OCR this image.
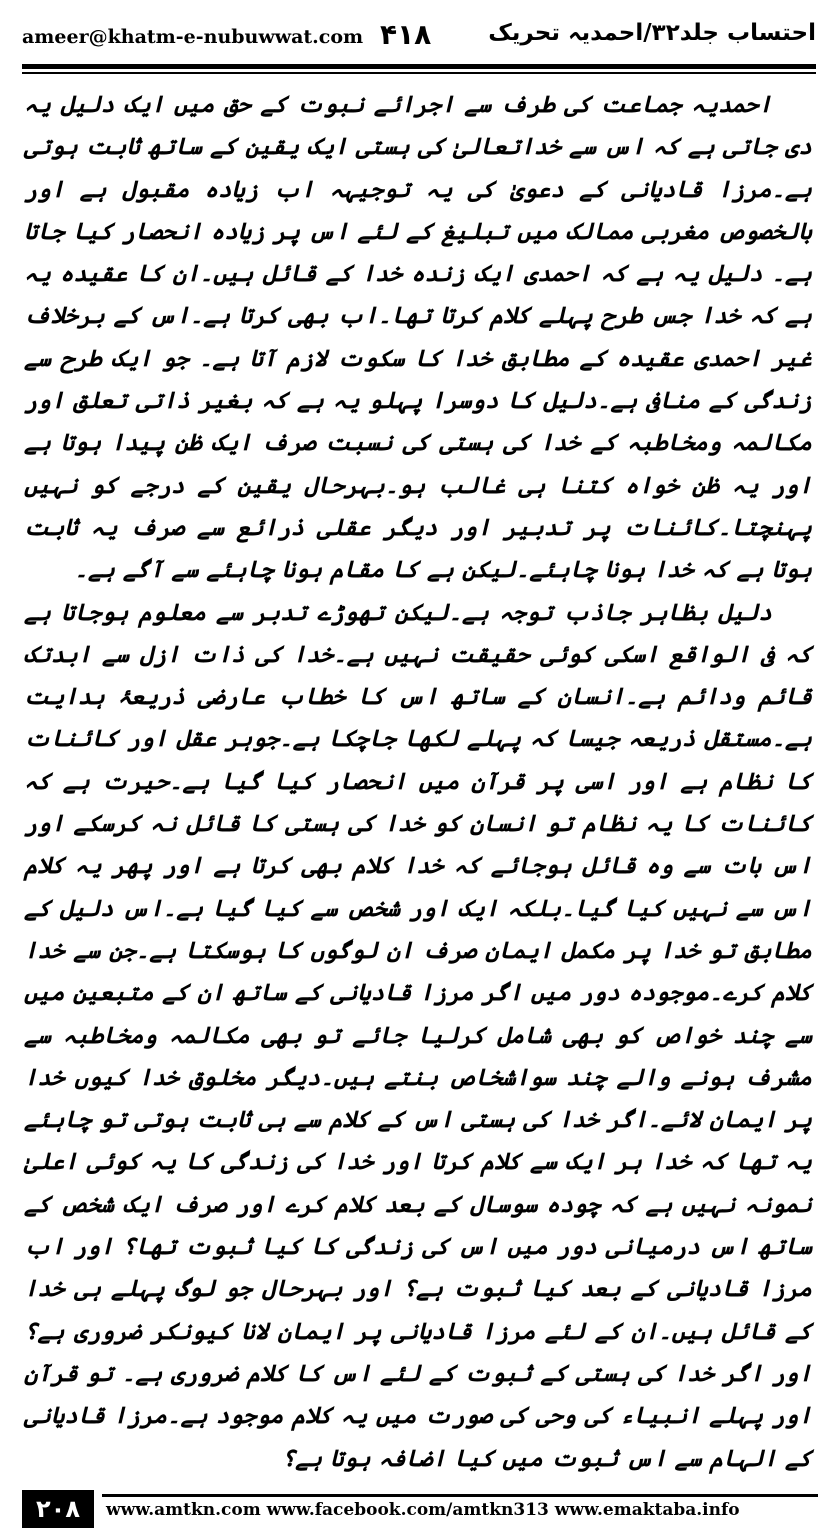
ameer@khatm-e-nubuwwat.com ۴۱۸ احتساب جلد۳۲/احمدیہ تحریک

احمدیہ جماعت کی طرف سے اجرائے نبوت کے حق میں ایک دلیل یہ دی جاتی ہے کہ اس سے خداتعالیٰ کی ہستی ایک یقین کے ساتھ ثابت ہوتی ہے۔مرزا قادیانی کے دعویٰ کی یہ توجیہہ اب زیادہ مقبول ہے اور بالخصوص مغربی ممالک میں تبلیغ کے لئے اس پر زیادہ انحصار کیا جاتا ہے۔ دلیل یہ ہے کہ احمدی ایک زندہ خدا کے قائل ہیں۔ان کا عقیدہ یہ ہے کہ خدا جس طرح پہلے کلام کرتا تھا۔اب بھی کرتا ہے۔اس کے برخلاف غیر احمدی عقیدہ کے مطابق خدا کا سکوت لازم آتا ہے۔ جو ایک طرح سے زندگی کے منافی ہے۔دلیل کا دوسرا پہلو یہ ہے کہ بغیر ذاتی تعلق اور مکالمہ ومخاطبہ کے خدا کی ہستی کی نسبت صرف ایک ظن پیدا ہوتا ہے اور یہ ظن خواہ کتنا ہی غالب ہو۔بہرحال یقین کے درجے کو نہیں پہنچتا۔کائنات پر تدبیر اور دیگر عقلی ذرائع سے صرف یہ ثابت ہوتا ہے کہ خدا ہونا چاہئے۔لیکن ہے کا مقام ہونا چاہئے سے آگے ہے۔

دلیل بظاہر جاذب توجہ ہے۔لیکن تھوڑے تدبر سے معلوم ہوجاتا ہے کہ فی الواقع اسکی کوئی حقیقت نہیں ہے۔خدا کی ذات ازل سے ابدتک قائم ودائم ہے۔انسان کے ساتھ اس کا خطاب عارضی ذریعۂ ہدایت ہے۔مستقل ذریعہ جیسا کہ پہلے لکھا جاچکا ہے۔جوہر عقل اور کائنات کا نظام ہے اور اسی پر قرآن میں انحصار کیا گیا ہے۔حیرت ہے کہ کائنات کا یہ نظام تو انسان کو خدا کی ہستی کا قائل نہ کرسکے اور اس بات سے وہ قائل ہوجائے کہ خدا کلام بھی کرتا ہے اور پھر یہ کلام اس سے نہیں کیا گیا۔بلکہ ایک اور شخص سے کیا گیا ہے۔اس دلیل کے مطابق تو خدا پر مکمل ایمان صرف ان لوگوں کا ہوسکتا ہے۔جن سے خدا کلام کرے۔موجودہ دور میں اگر مرزا قادیانی کے ساتھ ان کے متبعین میں سے چند خواص کو بھی شامل کرلیا جائے تو بھی مکالمہ ومخاطبہ سے مشرف ہونے والے چند سواشخاص بنتے ہیں۔دیگر مخلوق خدا کیوں خدا پر ایمان لائے۔اگر خدا کی ہستی اس کے کلام سے ہی ثابت ہوتی تو چاہئے یہ تھا کہ خدا ہر ایک سے کلام کرتا اور خدا کی زندگی کا یہ کوئی اعلیٰ نمونہ نہیں ہے کہ چودہ سوسال کے بعد کلام کرے اور صرف ایک شخص کے ساتھ اس درمیانی دور میں اس کی زندگی کا کیا ثبوت تھا؟ اور اب مرزا قادیانی کے بعد کیا ثبوت ہے؟ اور بہرحال جو لوگ پہلے ہی خدا کے قائل ہیں۔ان کے لئے مرزا قادیانی پر ایمان لانا کیونکر ضروری ہے؟ اور اگر خدا کی ہستی کے ثبوت کے لئے اس کا کلام ضروری ہے۔ تو قرآن اور پہلے انبیاء کی وحی کی صورت میں یہ کلام موجود ہے۔مرزا قادیانی کے الہام سے اس ثبوت میں کیا اضافہ ہوتا ہے؟

۲۰۸	www.amtkn.com www.facebook.com/amtkn313 www.emaktaba.info
